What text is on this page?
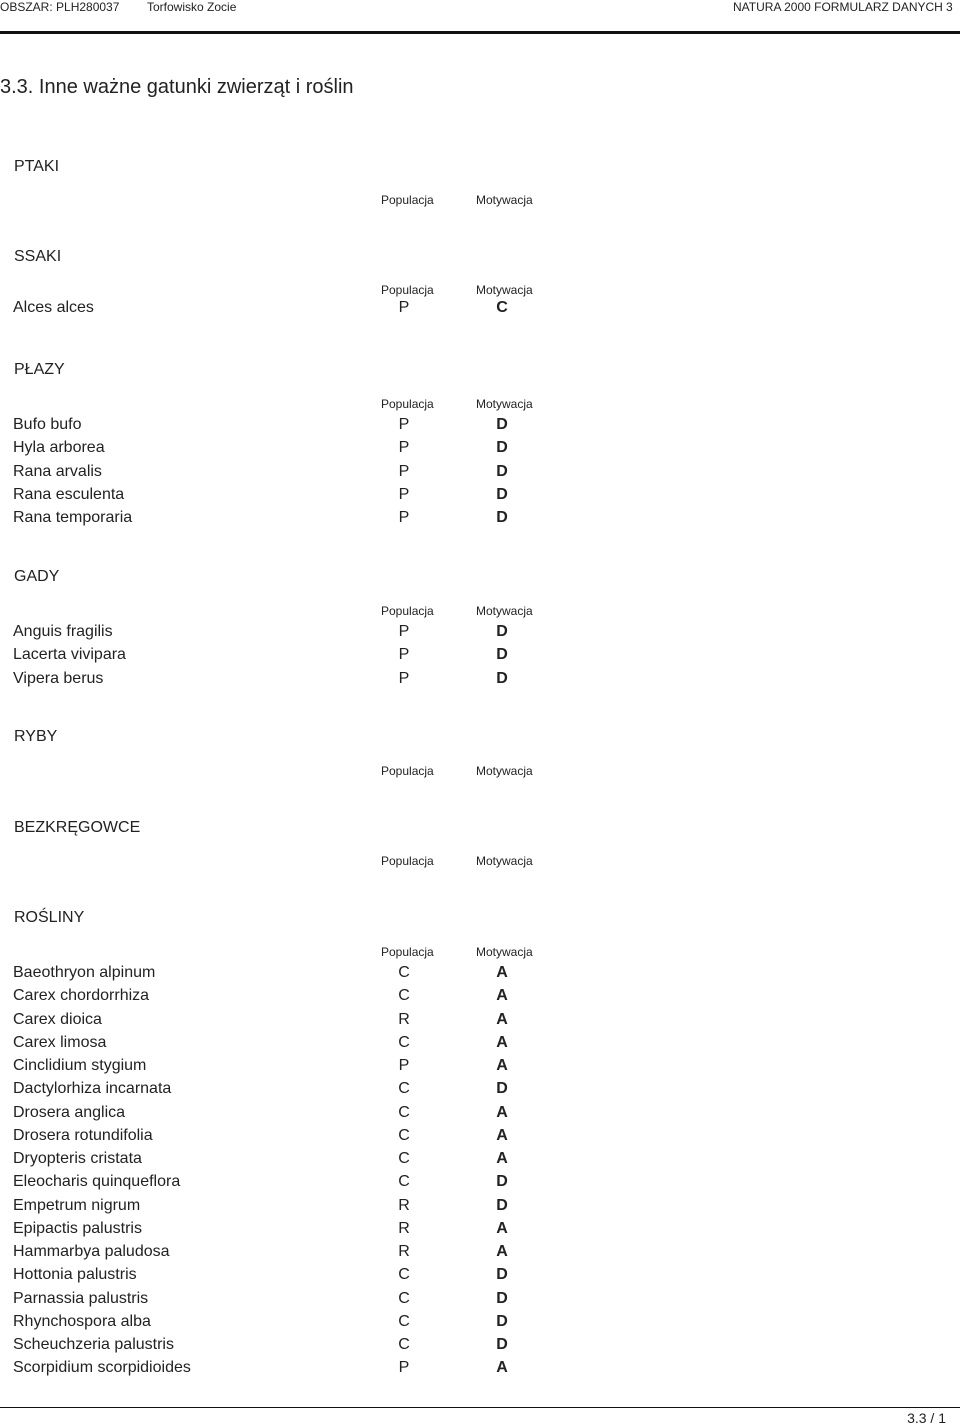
OBSZAR: PLH280037 Torfowisko Zocie	NATURA 2000 FORMULARZ DANYCH 3
3.3. Inne ważne gatunki zwierząt i roślin
PTAKI
Populacja	Motywacja
SSAKI
Populacja	Motywacja
Alces alces	P	C
PŁAZY
Populacja	Motywacja
Bufo bufo	P	D
Hyla arborea	P	D
Rana arvalis	P	D
Rana esculenta	P	D
Rana temporaria	P	D
GADY
Populacja	Motywacja
Anguis fragilis	P	D
Lacerta vivipara	P	D
Vipera berus	P	D
RYBY
Populacja	Motywacja
BEZKRĘGOWCE
Populacja	Motywacja
ROŚLINY
Populacja	Motywacja
Baeothryon alpinum	C	A
Carex chordorrhiza	C	A
Carex dioica	R	A
Carex limosa	C	A
Cinclidium stygium	P	A
Dactylorhiza incarnata	C	D
Drosera anglica	C	A
Drosera rotundifolia	C	A
Dryopteris cristata	C	A
Eleocharis quinqueflora	C	D
Empetrum nigrum	R	D
Epipactis palustris	R	A
Hammarbya paludosa	R	A
Hottonia palustris	C	D
Parnassia palustris	C	D
Rhynchospora alba	C	D
Scheuchzeria palustris	C	D
Scorpidium scorpidioides	P	A
3.3 / 1
